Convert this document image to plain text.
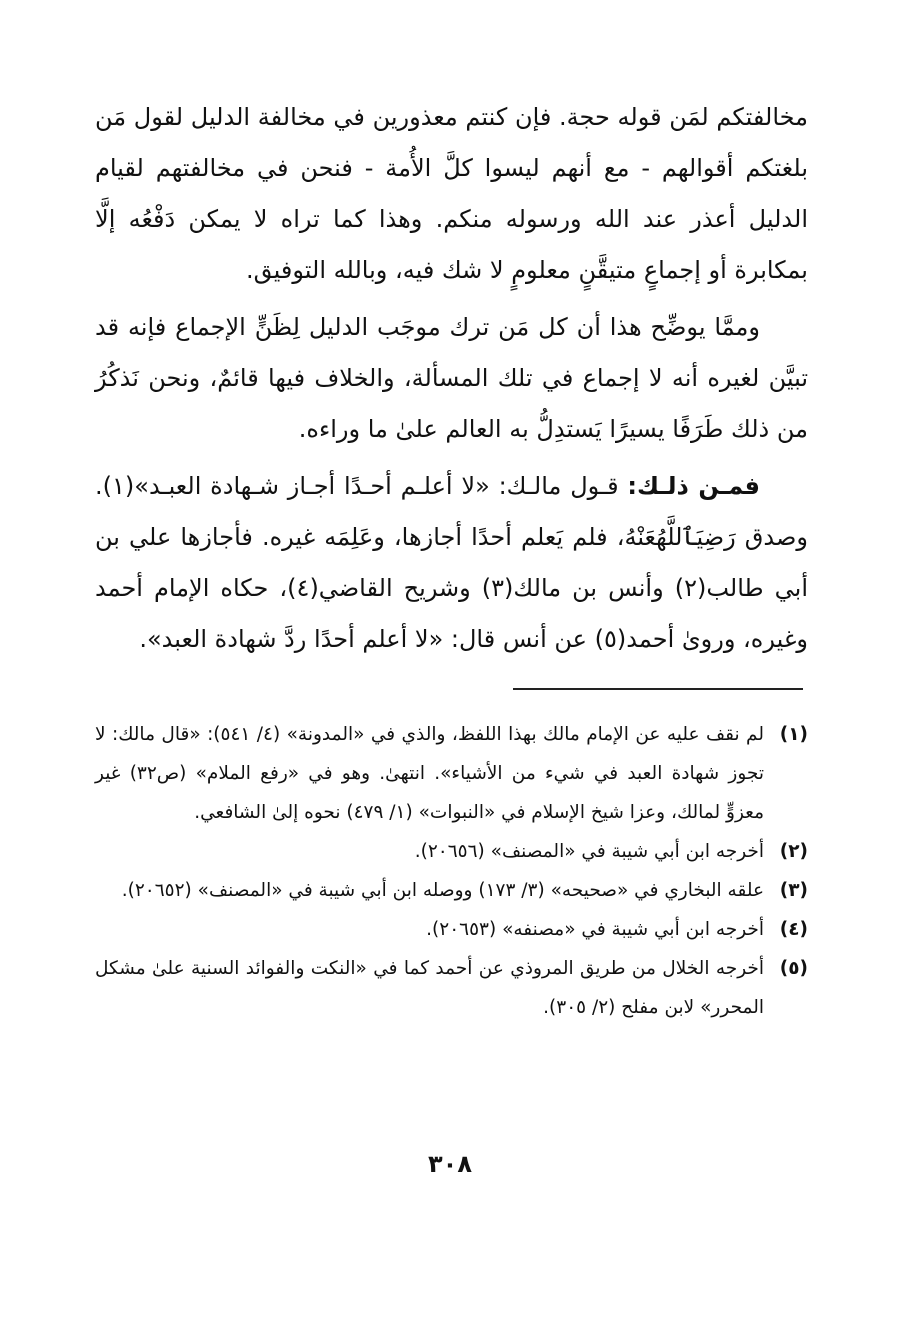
مخالفتكم لمَن قوله حجة. فإن كنتم معذورين في مخالفة الدليل لقول مَن بلغتكم أقوالهم - مع أنهم ليسوا كلَّ الأُمة - فنحن في مخالفتهم لقيام الدليل أعذر عند الله ورسوله منكم. وهذا كما تراه لا يمكن دَفْعُه إلَّا بمكابرة أو إجماعٍ متيقَّنٍ معلومٍ لا شك فيه، وبالله التوفيق.

وممَّا يوضِّح هذا أن كل مَن ترك موجَب الدليل لِظَنٍّ الإجماع فإنه قد تبيَّن لغيره أنه لا إجماع في تلك المسألة، والخلاف فيها قائمٌ، ونحن نَذكُرُ من ذلك طَرَفًا يسيرًا يَستدِلُّ به العالم علىٰ ما وراءه.

فمـن ذلـك: قـول مالـك: «لا أعلـم أحـدًا أجـاز شـهادة العبـد»(١). وصدق رَضِيَٱللَّهُعَنْهُ، فلم يَعلم أحدًا أجازها، وعَلِمَه غيره. فأجازها علي بن أبي طالب(٢) وأنس بن مالك(٣) وشريح القاضي(٤)، حكاه الإمام أحمد وغيره، وروىٰ أحمد(٥) عن أنس قال: «لا أعلم أحدًا ردَّ شهادة العبد».

(١)
لم نقف عليه عن الإمام مالك بهذا اللفظ، والذي في «المدونة» (٤/ ٥٤١): «قال مالك: لا تجوز شهادة العبد في شيء من الأشياء». انتهىٰ. وهو في «رفع الملام» (ص٣٢) غير معزوٍّ لمالك، وعزا شيخ الإسلام في «النبوات» (١/ ٤٧٩) نحوه إلىٰ الشافعي.
(٢)
أخرجه ابن أبي شيبة في «المصنف» (٢٠٦٥٦).
(٣)
علقه البخاري في «صحيحه» (٣/ ١٧٣) ووصله ابن أبي شيبة في «المصنف» (٢٠٦٥٢).
(٤)
أخرجه ابن أبي شيبة في «مصنفه» (٢٠٦٥٣).
(٥)
أخرجه الخلال من طريق المروذي عن أحمد كما في «النكت والفوائد السنية علىٰ مشكل المحرر» لابن مفلح (٢/ ٣٠٥).
٣٠٨
